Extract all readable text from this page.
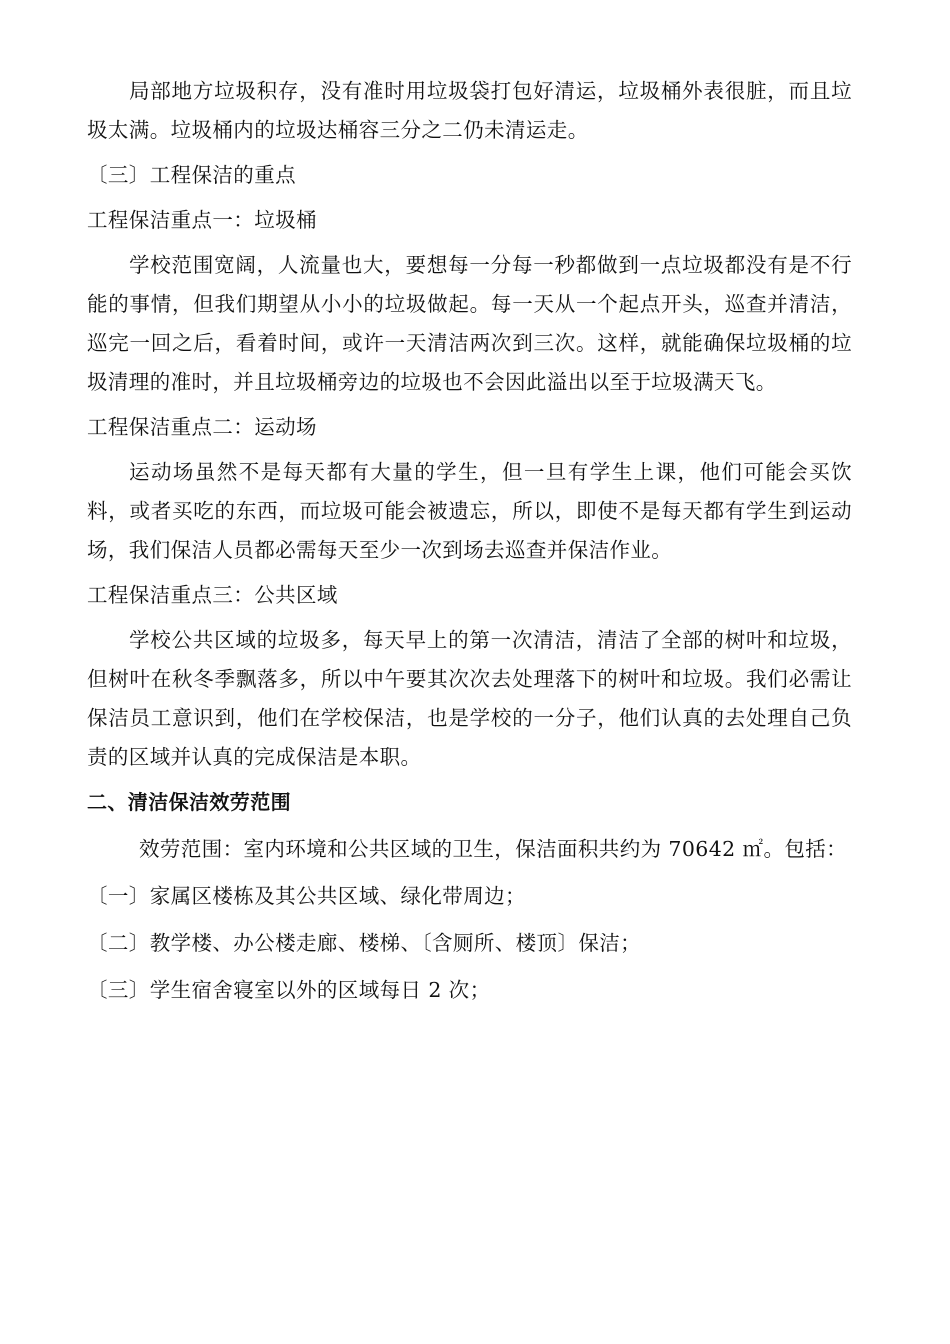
局部地方垃圾积存，没有准时用垃圾袋打包好清运，垃圾桶外表很脏，而且垃圾太满。垃圾桶内的垃圾达桶容三分之二仍未清运走。

〔三〕工程保洁的重点

工程保洁重点一：垃圾桶

学校范围宽阔，人流量也大，要想每一分每一秒都做到一点垃圾都没有是不行能的事情，但我们期望从小小的垃圾做起。每一天从一个起点开头，巡查并清洁，巡完一回之后，看着时间，或许一天清洁两次到三次。这样，就能确保垃圾桶的垃圾清理的准时，并且垃圾桶旁边的垃圾也不会因此溢出以至于垃圾满天飞。

工程保洁重点二：运动场

运动场虽然不是每天都有大量的学生，但一旦有学生上课，他们可能会买饮料，或者买吃的东西，而垃圾可能会被遗忘，所以，即使不是每天都有学生到运动场，我们保洁人员都必需每天至少一次到场去巡查并保洁作业。

工程保洁重点三：公共区域

学校公共区域的垃圾多，每天早上的第一次清洁，清洁了全部的树叶和垃圾，但树叶在秋冬季飘落多，所以中午要其次次去处理落下的树叶和垃圾。我们必需让保洁员工意识到，他们在学校保洁，也是学校的一分子，他们认真的去处理自己负责的区域并认真的完成保洁是本职。

二、清洁保洁效劳范围

效劳范围：室内环境和公共区域的卫生，保洁面积共约为 70642 ㎡。包括：

〔一〕家属区楼栋及其公共区域、绿化带周边；

〔二〕教学楼、办公楼走廊、楼梯、〔含厕所、楼顶〕保洁；

〔三〕学生宿舍寝室以外的区域每日 2 次；
